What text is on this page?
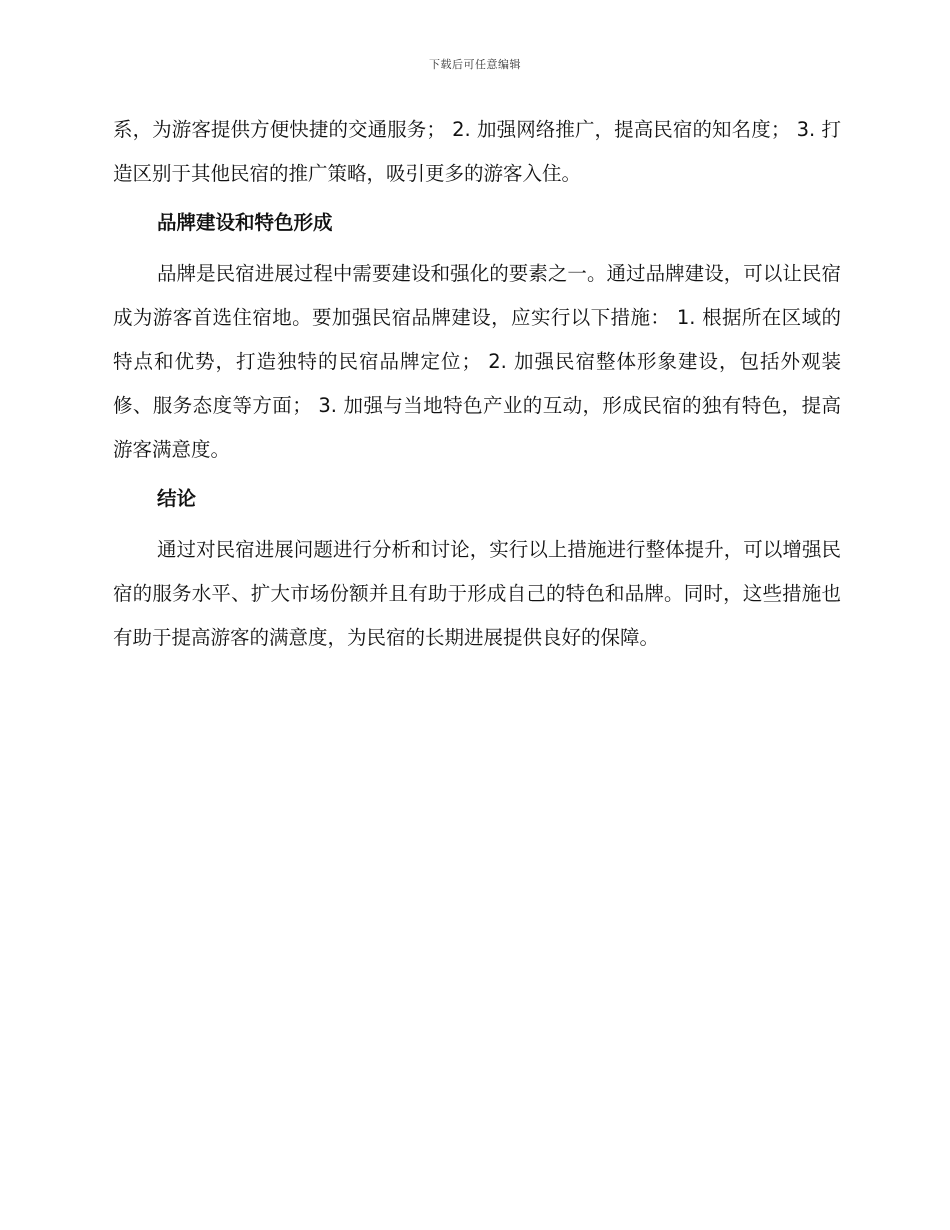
下载后可任意编辑

系，为游客提供方便快捷的交通服务； 2. 加强网络推广，提高民宿的知名度； 3. 打造区别于其他民宿的推广策略，吸引更多的游客入住。

品牌建设和特色形成

品牌是民宿进展过程中需要建设和强化的要素之一。通过品牌建设，可以让民宿成为游客首选住宿地。要加强民宿品牌建设，应实行以下措施： 1. 根据所在区域的特点和优势，打造独特的民宿品牌定位； 2. 加强民宿整体形象建设，包括外观装修、服务态度等方面； 3. 加强与当地特色产业的互动，形成民宿的独有特色，提高游客满意度。

结论

通过对民宿进展问题进行分析和讨论，实行以上措施进行整体提升，可以增强民宿的服务水平、扩大市场份额并且有助于形成自己的特色和品牌。同时，这些措施也有助于提高游客的满意度，为民宿的长期进展提供良好的保障。
